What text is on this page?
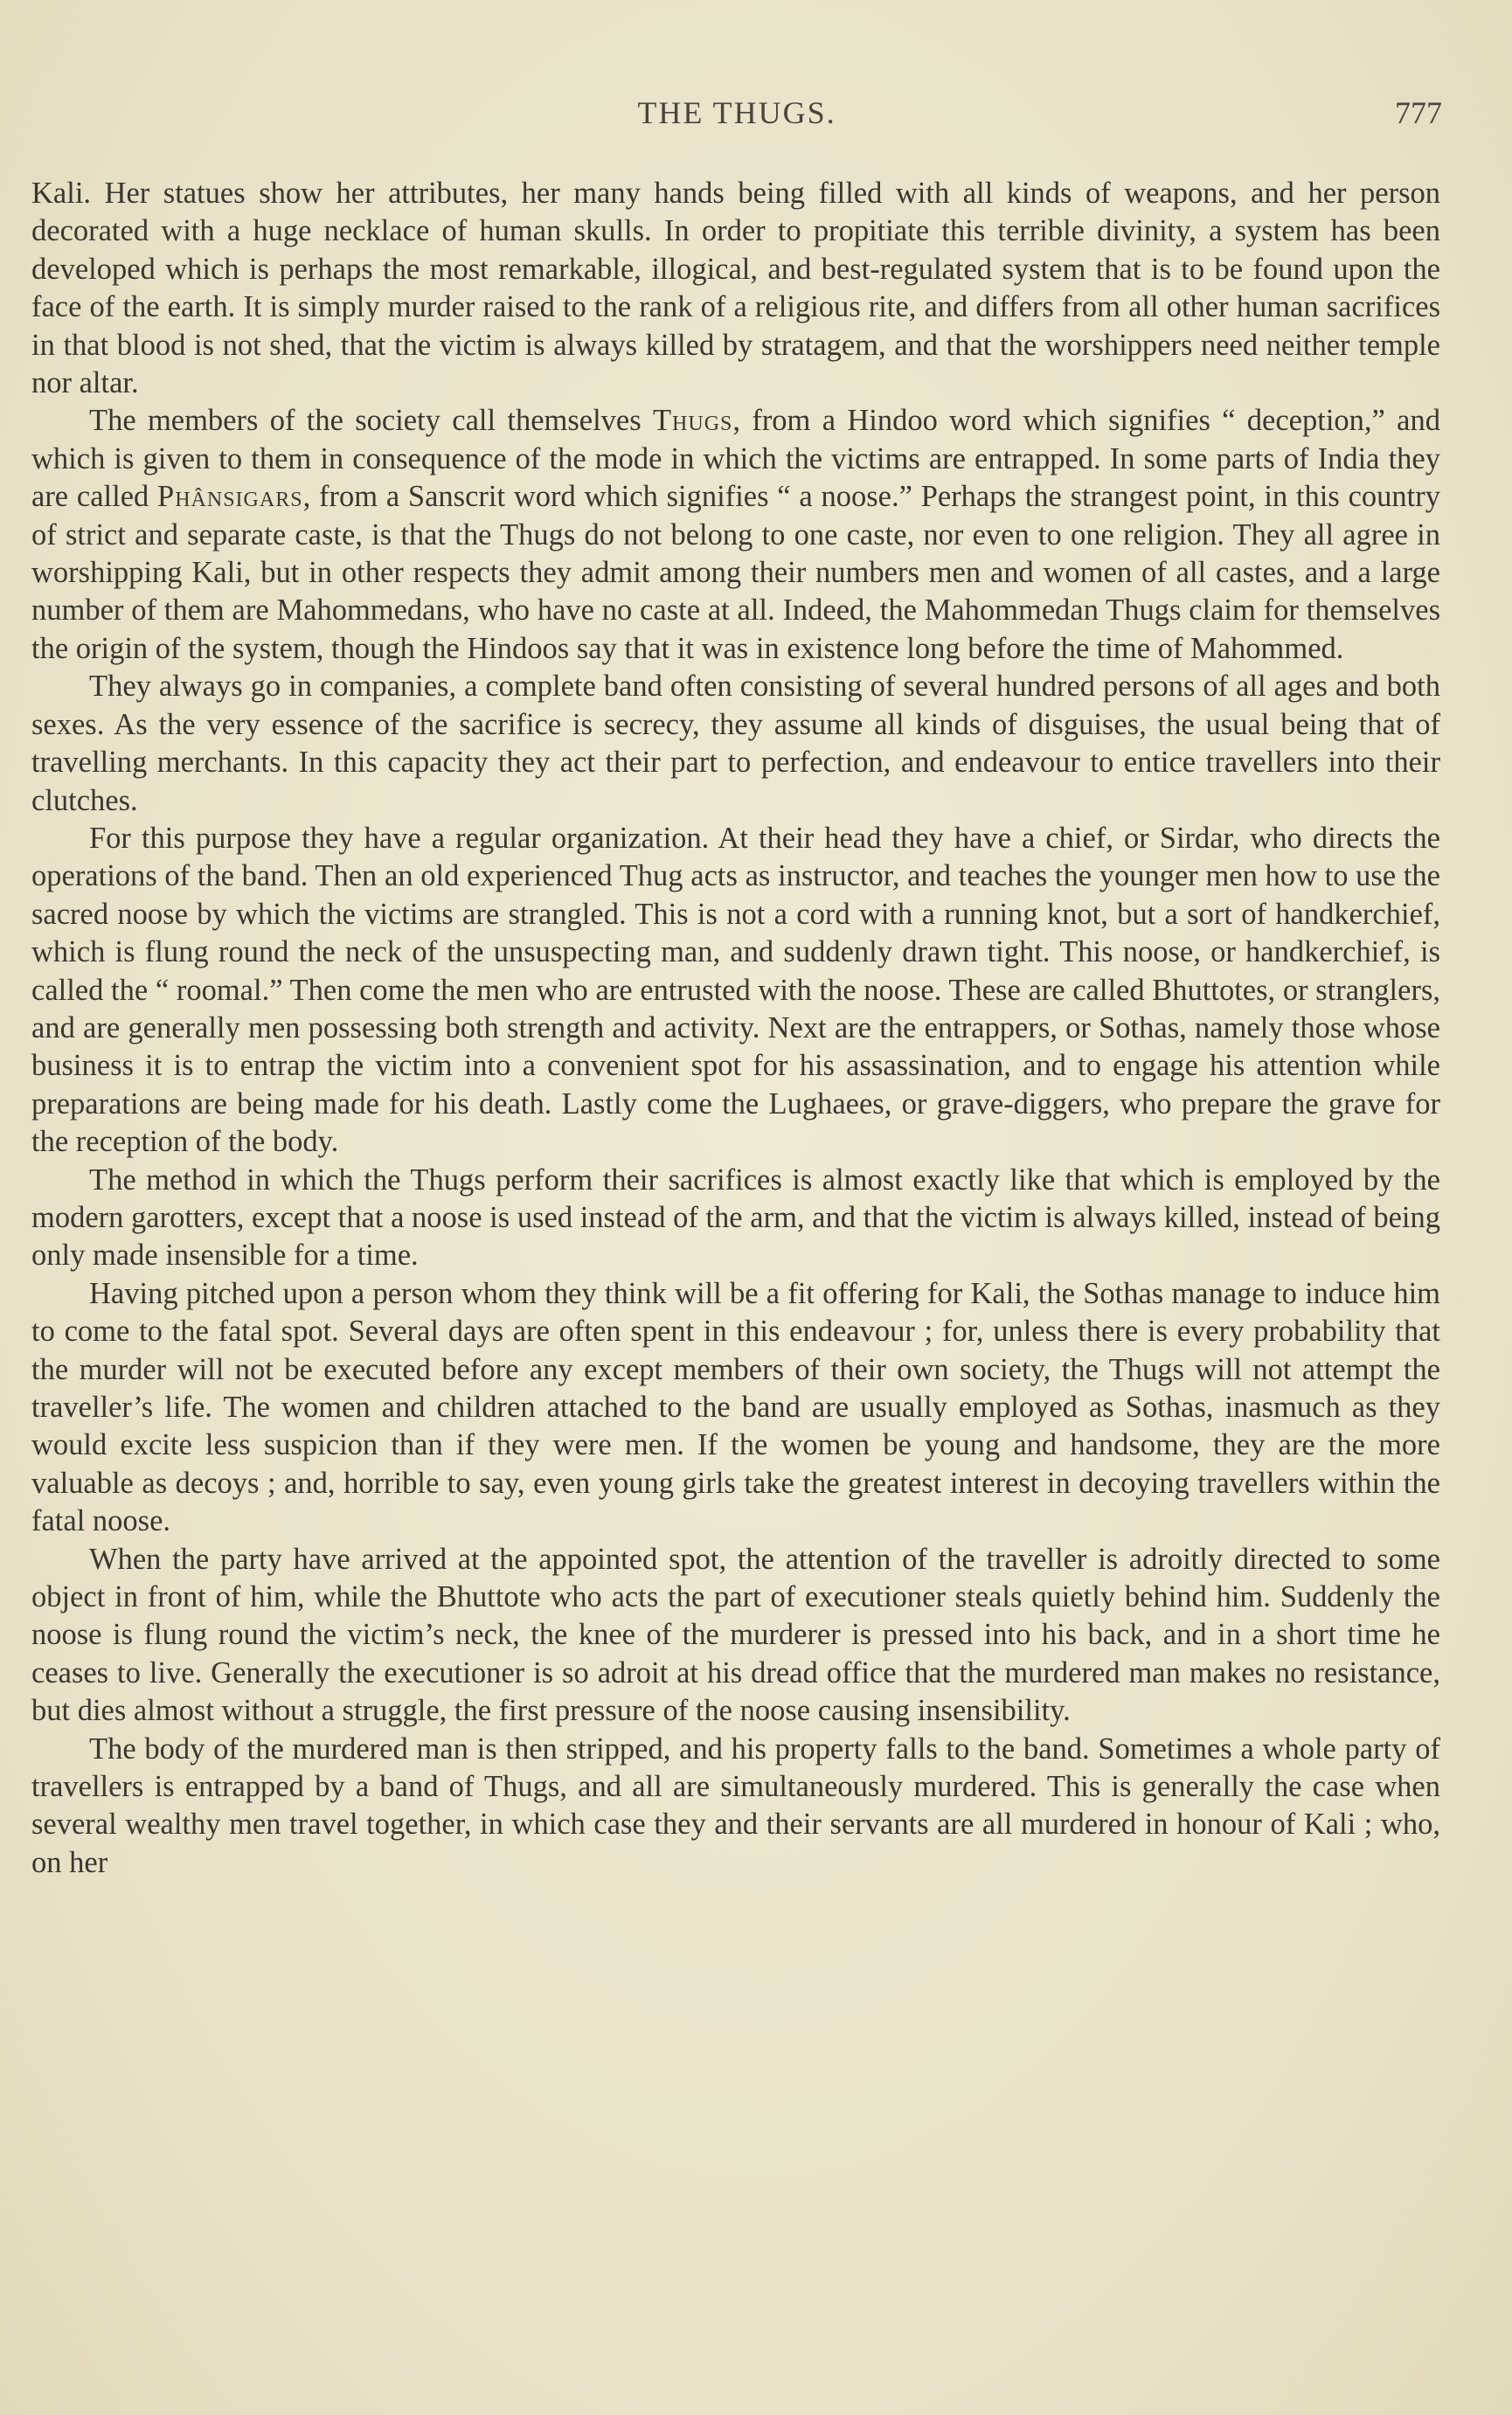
THE THUGS.	777

Kali. Her statues show her attributes, her many hands being filled with all kinds of weapons, and her person decorated with a huge necklace of human skulls. In order to propitiate this terrible divinity, a system has been developed which is perhaps the most remarkable, illogical, and best-regulated system that is to be found upon the face of the earth. It is simply murder raised to the rank of a religious rite, and differs from all other human sacrifices in that blood is not shed, that the victim is always killed by stratagem, and that the worshippers need neither temple nor altar.

The members of the society call themselves Thugs, from a Hindoo word which signifies “ deception,” and which is given to them in consequence of the mode in which the victims are entrapped. In some parts of India they are called Phânsigars, from a Sanscrit word which signifies “ a noose.” Perhaps the strangest point, in this country of strict and separate caste, is that the Thugs do not belong to one caste, nor even to one religion. They all agree in worshipping Kali, but in other respects they admit among their numbers men and women of all castes, and a large number of them are Mahommedans, who have no caste at all. Indeed, the Mahommedan Thugs claim for themselves the origin of the system, though the Hindoos say that it was in existence long before the time of Mahommed.

They always go in companies, a complete band often consisting of several hundred persons of all ages and both sexes. As the very essence of the sacrifice is secrecy, they assume all kinds of disguises, the usual being that of travelling merchants. In this capacity they act their part to perfection, and endeavour to entice travellers into their clutches.

For this purpose they have a regular organization. At their head they have a chief, or Sirdar, who directs the operations of the band. Then an old experienced Thug acts as instructor, and teaches the younger men how to use the sacred noose by which the victims are strangled. This is not a cord with a running knot, but a sort of handkerchief, which is flung round the neck of the unsuspecting man, and suddenly drawn tight. This noose, or handkerchief, is called the “ roomal.” Then come the men who are entrusted with the noose. These are called Bhuttotes, or stranglers, and are generally men possessing both strength and activity. Next are the entrappers, or Sothas, namely those whose business it is to entrap the victim into a convenient spot for his assassination, and to engage his attention while preparations are being made for his death. Lastly come the Lughaees, or grave-diggers, who prepare the grave for the reception of the body.

The method in which the Thugs perform their sacrifices is almost exactly like that which is employed by the modern garotters, except that a noose is used instead of the arm, and that the victim is always killed, instead of being only made insensible for a time.

Having pitched upon a person whom they think will be a fit offering for Kali, the Sothas manage to induce him to come to the fatal spot. Several days are often spent in this endeavour ; for, unless there is every probability that the murder will not be executed before any except members of their own society, the Thugs will not attempt the traveller’s life. The women and children attached to the band are usually employed as Sothas, inasmuch as they would excite less suspicion than if they were men. If the women be young and handsome, they are the more valuable as decoys ; and, horrible to say, even young girls take the greatest interest in decoying travellers within the fatal noose.

When the party have arrived at the appointed spot, the attention of the traveller is adroitly directed to some object in front of him, while the Bhuttote who acts the part of executioner steals quietly behind him. Suddenly the noose is flung round the victim’s neck, the knee of the murderer is pressed into his back, and in a short time he ceases to live. Generally the executioner is so adroit at his dread office that the murdered man makes no resistance, but dies almost without a struggle, the first pressure of the noose causing insensibility.

The body of the murdered man is then stripped, and his property falls to the band. Sometimes a whole party of travellers is entrapped by a band of Thugs, and all are simultaneously murdered. This is generally the case when several wealthy men travel together, in which case they and their servants are all murdered in honour of Kali ; who, on her
